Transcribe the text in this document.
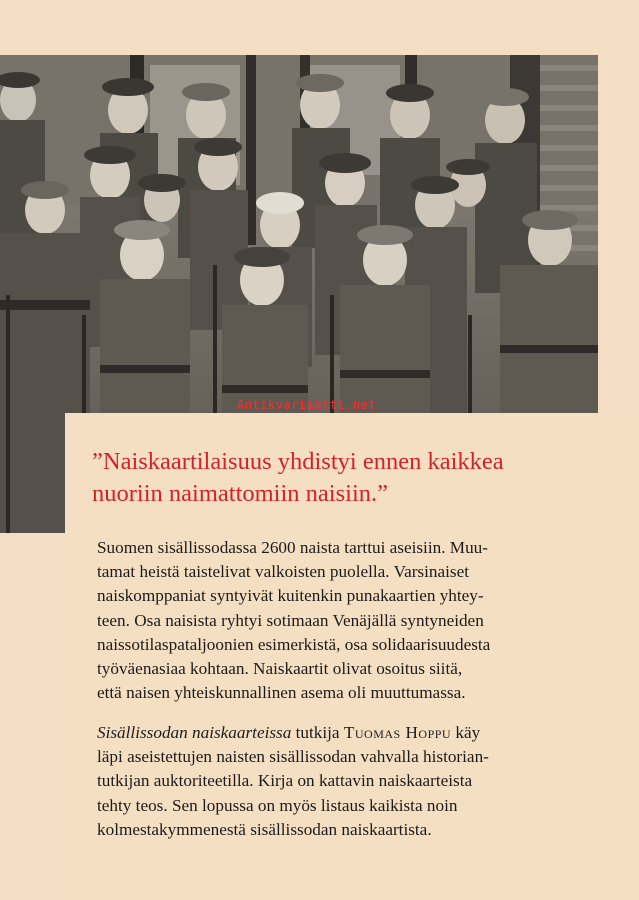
Antikvariaatti.net
”Naiskaartilaisuus yhdistyi ennen kaikkea
nuoriin naimattomiin naisiin.”
Suomen sisällissodassa 2600 naista tarttui aseisiin. Muu-
tamat heistä taistelivat valkoisten puolella. Varsinaiset
naiskomppaniat syntyivät kuitenkin punakaartien yhtey-
teen. Osa naisista ryhtyi sotimaan Venäjällä syntyneiden
naissotilaspataljoonien esimerkistä, osa solidaarisuudesta
työväenasiaa kohtaan. Naiskaartit olivat osoitus siitä,
että naisen yhteiskunnallinen asema oli muuttumassa.
Sisällissodan naiskaarteissa tutkija Tuomas Hoppu käy
läpi aseistettujen naisten sisällissodan vahvalla historian-
tutkijan auktoriteetilla. Kirja on kattavin naiskaarteista
tehty teos. Sen lopussa on myös listaus kaikista noin
kolmestakymmenestä sisällissodan naiskaartista.
